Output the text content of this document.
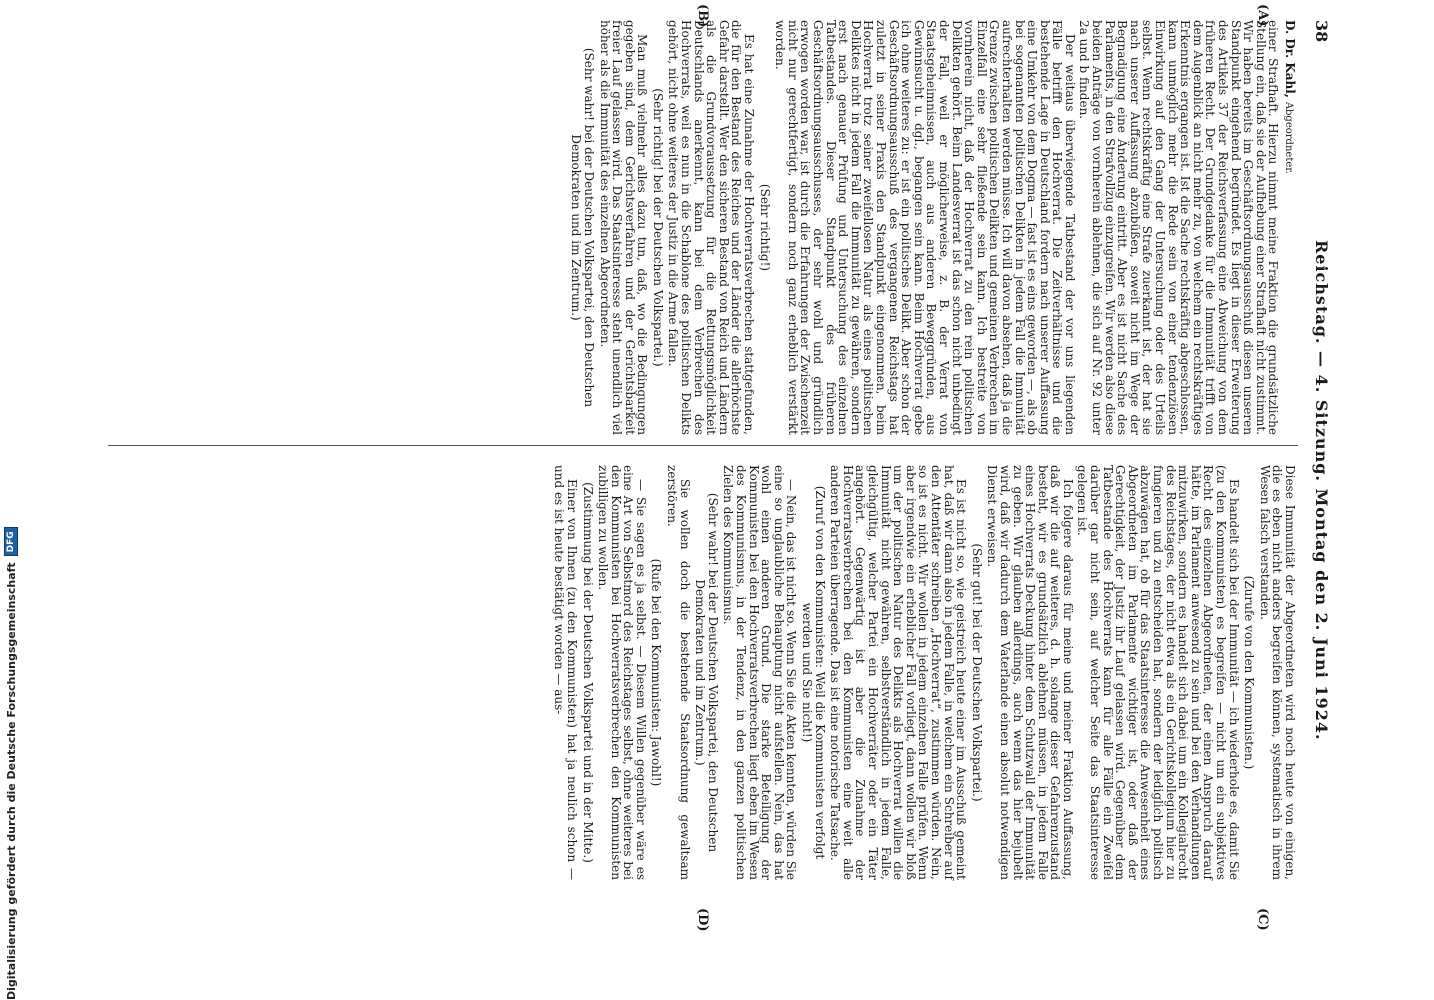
38
Reichstag. — 4. Sitzung. Montag den 2. Juni 1924.
(A)
(B)
(C)
(D)

D. Dr. Kahl, Abgeordneter.

einer Strafhaft. Hierzu nimmt meine Fraktion die grundsätzliche Stellung ein, daß sie der Aufhebung einer Strafhaft nicht zustimmt. Wir haben bereits im Geschäftsordnungsausschuß diesen unseren Standpunkt eingehend begründet. Es liegt in dieser Erweiterung des Artikels 37 der Reichsverfassung eine Abweichung von dem früheren Recht. Der Grundgedanke für die Immunität trifft von dem Augenblick an nicht mehr zu, von welchem ein rechtskräftiges Erkenntnis ergangen ist. Ist die Sache rechtskräftig abgeschlossen, kann unmöglich mehr die Rede sein von einer tendenziösen Einwirkung auf den Gang der Untersuchung oder des Urteils selbst. Wenn rechtskräftig eine Strafe zuerkannt ist, der hat sie nach unserer Auffassung abzubüßen, soweit nicht im Wege der Begnadigung eine Änderung eintritt. Aber es ist nicht Sache des Parlaments, in den Strafvollzug einzugreifen. Wir werden also diese beiden Anträge von vornherein ablehnen, die sich auf Nr. 92 unter 2a und b finden.

Der weitaus überwiegende Tatbestand der vor uns liegenden Fälle betrifft den Hochverrat. Die Zeitverhältnisse und die bestehende Lage in Deutschland fordern nach unserer Auffassung eine Umkehr von dem Dogma — fast ist es eins geworden —, als ob bei sogenannten politischen Delikten in jedem Fall die Immunität aufrechterhalten werden müsse. Ich will davon absehen, daß ja die Grenze zwischen politischen Delikten und gemeinen Verbrechen im Einzelfall eine sehr fließende sein kann. Ich bestreite von vornherein nicht, daß der Hochverrat zu den rein politischen Delikten gehört. Beim Landesverrat ist das schon nicht unbedingt der Fall, weil er möglicherweise, z. B. der Verrat von Staatsgeheimnissen, auch aus anderen Beweggründen, aus Gewinnsucht u. dgl., begangen sein kann. Beim Hochverrat gebe ich ohne weiteres zu: er ist ein politisches Delikt. Aber schon der Geschäftsordnungsausschuß des vergangenen Reichstags hat zuletzt in seiner Praxis den Standpunkt eingenommen, beim Hochverrat trotz seiner zweifellosen Natur als eines politischen Deliktes nicht in jedem Fall die Immunität zu gewähren, sondern erst nach genauer Prüfung und Untersuchung des einzelnen Tatbestandes. Dieser Standpunkt des früheren Geschäftsordnungsausschusses, der sehr wohl und gründlich erwogen worden war, ist durch die Erfahrungen der Zwischenzeit nicht nur gerechtfertigt, sondern noch ganz erheblich verstärkt worden.

(Sehr richtig!)

Es hat eine Zunahme der Hochverratsverbrechen stattgefunden, die für den Bestand des Reiches und der Länder die allerhöchste Gefahr darstellt. Wer den sicheren Bestand von Reich und Ländern als die Grundvoraussetzung für die Rettungsmöglichkeit Deutschlands anerkennt, kann bei dem Verbrechen des Hochverrats, weil es nun in die Schablone des politischen Delikts gehört, nicht ohne weiteres der Justiz in die Arme fallen.

(Sehr richtig! bei der Deutschen Volkspartei.)

Man muß vielmehr alles dazu tun, daß, wo die Bedingungen gegeben sind, dem Gerichtsverfahren und der Gerichtsbarkeit freier Lauf gelassen wird. Das Staatsinteresse steht unendlich viel höher als die Immunität des einzelnen Abgeordneten.

(Sehr wahr! bei der Deutschen Volkspartei, den Deutschen Demokraten und im Zentrum.)

Diese Immunität der Abgeordneten wird noch heute von einigen, die es eben nicht anders begreifen können, systematisch in ihrem Wesen falsch verstanden.

(Zurufe von den Kommunisten.)

Es handelt sich bei der Immunität — ich wiederhole es, damit Sie (zu den Kommunisten) es begreifen — nicht um ein subjektives Recht des einzelnen Abgeordneten, der einen Anspruch darauf hätte, im Parlament anwesend zu sein und bei den Verhandlungen mitzuwirken, sondern es handelt sich dabei um ein Kollegialrecht des Reichstages, der nicht etwa als ein Gerichtskollegium hier zu fungieren und zu entscheiden hat, sondern der lediglich politisch abzuwägen hat, ob für das Staatsinteresse die Anwesenheit eines Abgeordneten im Parlamente wichtiger ist, oder daß der Gerechtigkeit, der Justiz ihr Lauf gelassen wird. Gegenüber dem Tatbestande des Hochverrats kann für alle Fälle ein Zweifel darüber gar nicht sein, auf welcher Seite das Staatsinteresse gelegen ist.

Ich folgere daraus für meine und meiner Fraktion Auffassung, daß wir die auf weiteres, d. h. solange dieser Gefahrenzustand besteht, wir es grundsätzlich ablehnen müssen, in jedem Falle eines Hochverrats Deckung hinter dem Schutzwall der Immunität zu geben. Wir glauben allerdings, auch wenn das hier bejubelt wird, daß wir dadurch dem Vaterlande einen absolut notwendigen Dienst erweisen.

(Sehr gut! bei der Deutschen Volkspartei.)

Es ist nicht so, wie geistreich heute einer im Ausschuß gemeint hat, daß wir dann also in jedem Falle, in welchem ein Schreiber auf den Attentäter schreiben „Hochverrat“, zustimmen würden. Nein, so ist es nicht. Wir wollen in jedem einzelnen Falle prüfen. Wenn aber irgendwie ein erheblicher Fall vorliegt, dann wollen wir bloß um der politischen Natur des Delikts als Hochverrat willen die Immunität nicht gewähren, selbstverständlich in jedem Falle, gleichgültig, welcher Partei ein Hochverräter oder ein Täter angehört. Gegenwärtig ist aber die Zunahme der Hochverratsverbrechen bei den Kommunisten eine weit alle anderen Parteien überragende. Das ist eine notorische Tatsache.

(Zuruf von den Kommunisten: Weil die Kommunisten verfolgt werden und Sie nicht!)

— Nein, das ist nicht so. Wenn Sie die Akten kennten, würden Sie eine so unglaubliche Behauptung nicht aufstellen. Nein, das hat wohl einen anderen Grund. Die starke Beteiligung der Kommunisten bei den Hochverratsverbrechen liegt eben im Wesen des Kommunismus, in der Tendenz, in den ganzen politischen Zielen des Kommunismus.

(Sehr wahr! bei der Deutschen Volkspartei, den Deutschen Demokraten und im Zentrum.)

Sie wollen doch die bestehende Staatsordnung gewaltsam zerstören.

(Rufe bei den Kommunisten: Jawohl!)

— Sie sagen es ja selbst. — Diesem Willen gegenüber wäre es eine Art von Selbstmord des Reichstages selbst, ohne weiteres bei den Kommunisten bei Hochverratsverbrechen den Kommunisten zubilligen zu wollen.

(Zustimmung bei der Deutschen Volkspartei und in der Mitte.)

Einer von Ihnen (zu den Kommunisten) hat ja neulich schon — und es ist heute bestätigt worden — aus-

Digitalisierung gefördert durch die Deutsche Forschungsgemeinschaft
DFG
